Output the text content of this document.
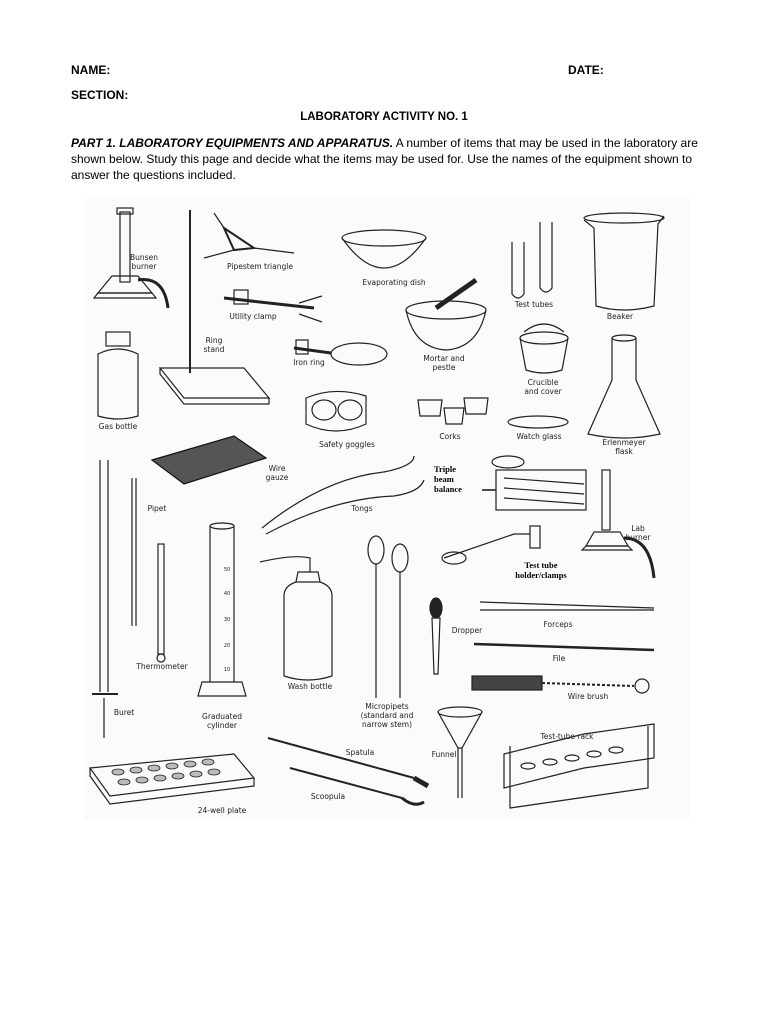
NAME:	DATE:
SECTION:
LABORATORY ACTIVITY NO. 1
PART 1. LABORATORY EQUIPMENTS AND APPARATUS. A number of items that may be used in the laboratory are shown below. Study this page and decide what the items may be used for. Use the names of the equipment shown to answer the questions included.
Bunsen
burner	Pipestem triangle
Evaporating dish
Test tubes
Beaker
Utility clamp
Ring
stand
Iron ring	Mortar and
pestle
Crucible
and cover
Gas bottle
Safety goggles
Corks	Watch glass
Erlenmeyer
flask
Wire
gauze
Triple
beam
balance
Pipet	Tongs
Lab
burner
Test tube
holder/clamps
Dropper
Forceps
File
Thermometer
Wash bottle
Wire brush
Buret	Graduated
cylinder
Micropipets
(standard and
narrow stem)
Test-tube rack
Spatula	Funnel
Scoopula
24-well plate
50
40
30
20
10
